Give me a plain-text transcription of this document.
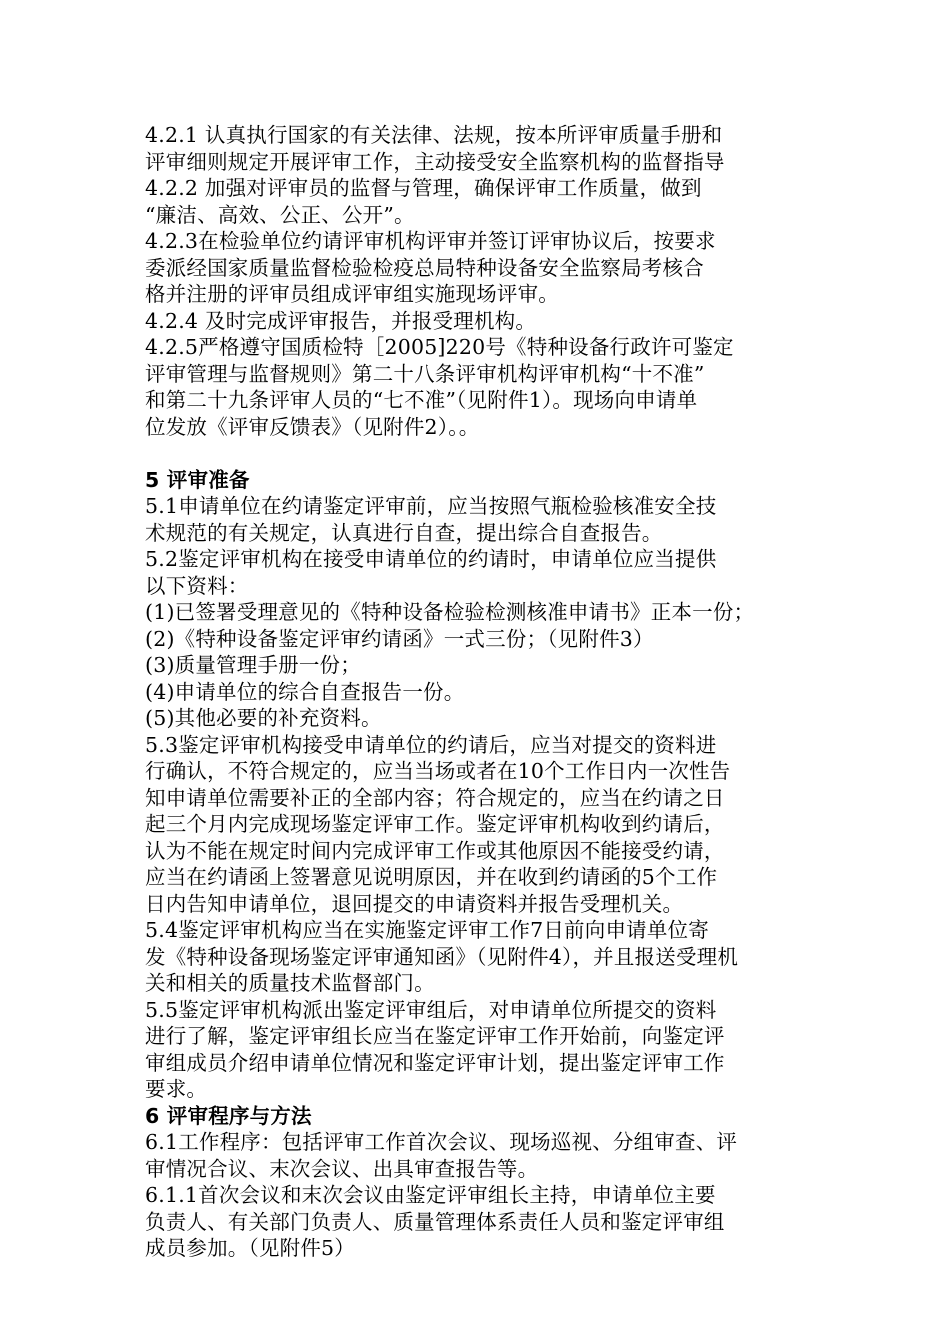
4.2.1 认真执行国家的有关法律、法规，按本所评审质量手册和
评审细则规定开展评审工作，主动接受安全监察机构的监督指导
4.2.2 加强对评审员的监督与管理，确保评审工作质量，做到
“廉洁、高效、公正、公开”。
4.2.3在检验单位约请评审机构评审并签订评审协议后，按要求
委派经国家质量监督检验检疫总局特种设备安全监察局考核合
格并注册的评审员组成评审组实施现场评审。
4.2.4 及时完成评审报告，并报受理机构。
4.2.5严格遵守国质检特［2005]220号《特种设备行政许可鉴定
评审管理与监督规则》第二十八条评审机构评审机构“十不准”
和第二十九条评审人员的“七不准”（见附件1）。现场向申请单
位发放《评审反馈表》（见附件2）。。
5 评审准备
5.1申请单位在约请鉴定评审前，应当按照气瓶检验核准安全技
术规范的有关规定，认真进行自查，提出综合自查报告。
5.2鉴定评审机构在接受申请单位的约请时，申请单位应当提供
以下资料：
(1)已签署受理意见的《特种设备检验检测核准申请书》正本一份；
(2)《特种设备鉴定评审约请函》一式三份；（见附件3）
(3)质量管理手册一份；
(4)申请单位的综合自查报告一份。
(5)其他必要的补充资料。
5.3鉴定评审机构接受申请单位的约请后，应当对提交的资料进
行确认，不符合规定的，应当当场或者在10个工作日内一次性告
知申请单位需要补正的全部内容；符合规定的，应当在约请之日
起三个月内完成现场鉴定评审工作。鉴定评审机构收到约请后，
认为不能在规定时间内完成评审工作或其他原因不能接受约请，
应当在约请函上签署意见说明原因，并在收到约请函的5个工作
日内告知申请单位，退回提交的申请资料并报告受理机关。
5.4鉴定评审机构应当在实施鉴定评审工作7日前向申请单位寄
发《特种设备现场鉴定评审通知函》（见附件4），并且报送受理机
关和相关的质量技术监督部门。
5.5鉴定评审机构派出鉴定评审组后，对申请单位所提交的资料
进行了解，鉴定评审组长应当在鉴定评审工作开始前，向鉴定评
审组成员介绍申请单位情况和鉴定评审计划，提出鉴定评审工作
要求。
6 评审程序与方法
6.1工作程序：包括评审工作首次会议、现场巡视、分组审查、评
审情况合议、末次会议、出具审查报告等。
6.1.1首次会议和末次会议由鉴定评审组长主持，申请单位主要
负责人、有关部门负责人、质量管理体系责任人员和鉴定评审组
成员参加。（见附件5）
